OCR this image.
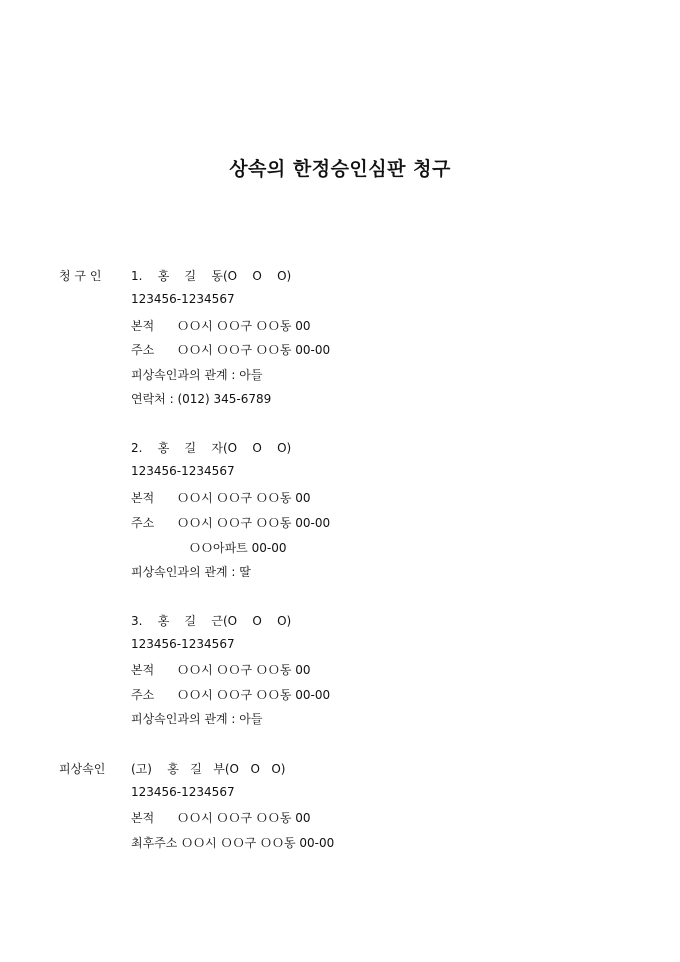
상속의 한정승인심판 청구
청 구 인 1.    홍    길    동(O    O    O)
123456-1234567
본적      ＯＯ시 ＯＯ구 ＯＯ동 00
주소      ＯＯ시 ＯＯ구 ＯＯ동 00-00
피상속인과의 관계 : 아들
연락처 : (012) 345-6789
2.    홍    길    자(O    O    O)
123456-1234567
본적      ＯＯ시 ＯＯ구 ＯＯ동 00
주소      ＯＯ시 ＯＯ구 ＯＯ동 00-00
ＯＯ아파트 00-00
피상속인과의 관계 : 딸
3.    홍    길    근(O    O    O)
123456-1234567
본적      ＯＯ시 ＯＯ구 ＯＯ동 00
주소      ＯＯ시 ＯＯ구 ＯＯ동 00-00
피상속인과의 관계 : 아들
피상속인 (고)    홍   길   부(O   O   O)
123456-1234567
본적      ＯＯ시 ＯＯ구 ＯＯ동 00
최후주소 ＯＯ시 ＯＯ구 ＯＯ동 00-00
